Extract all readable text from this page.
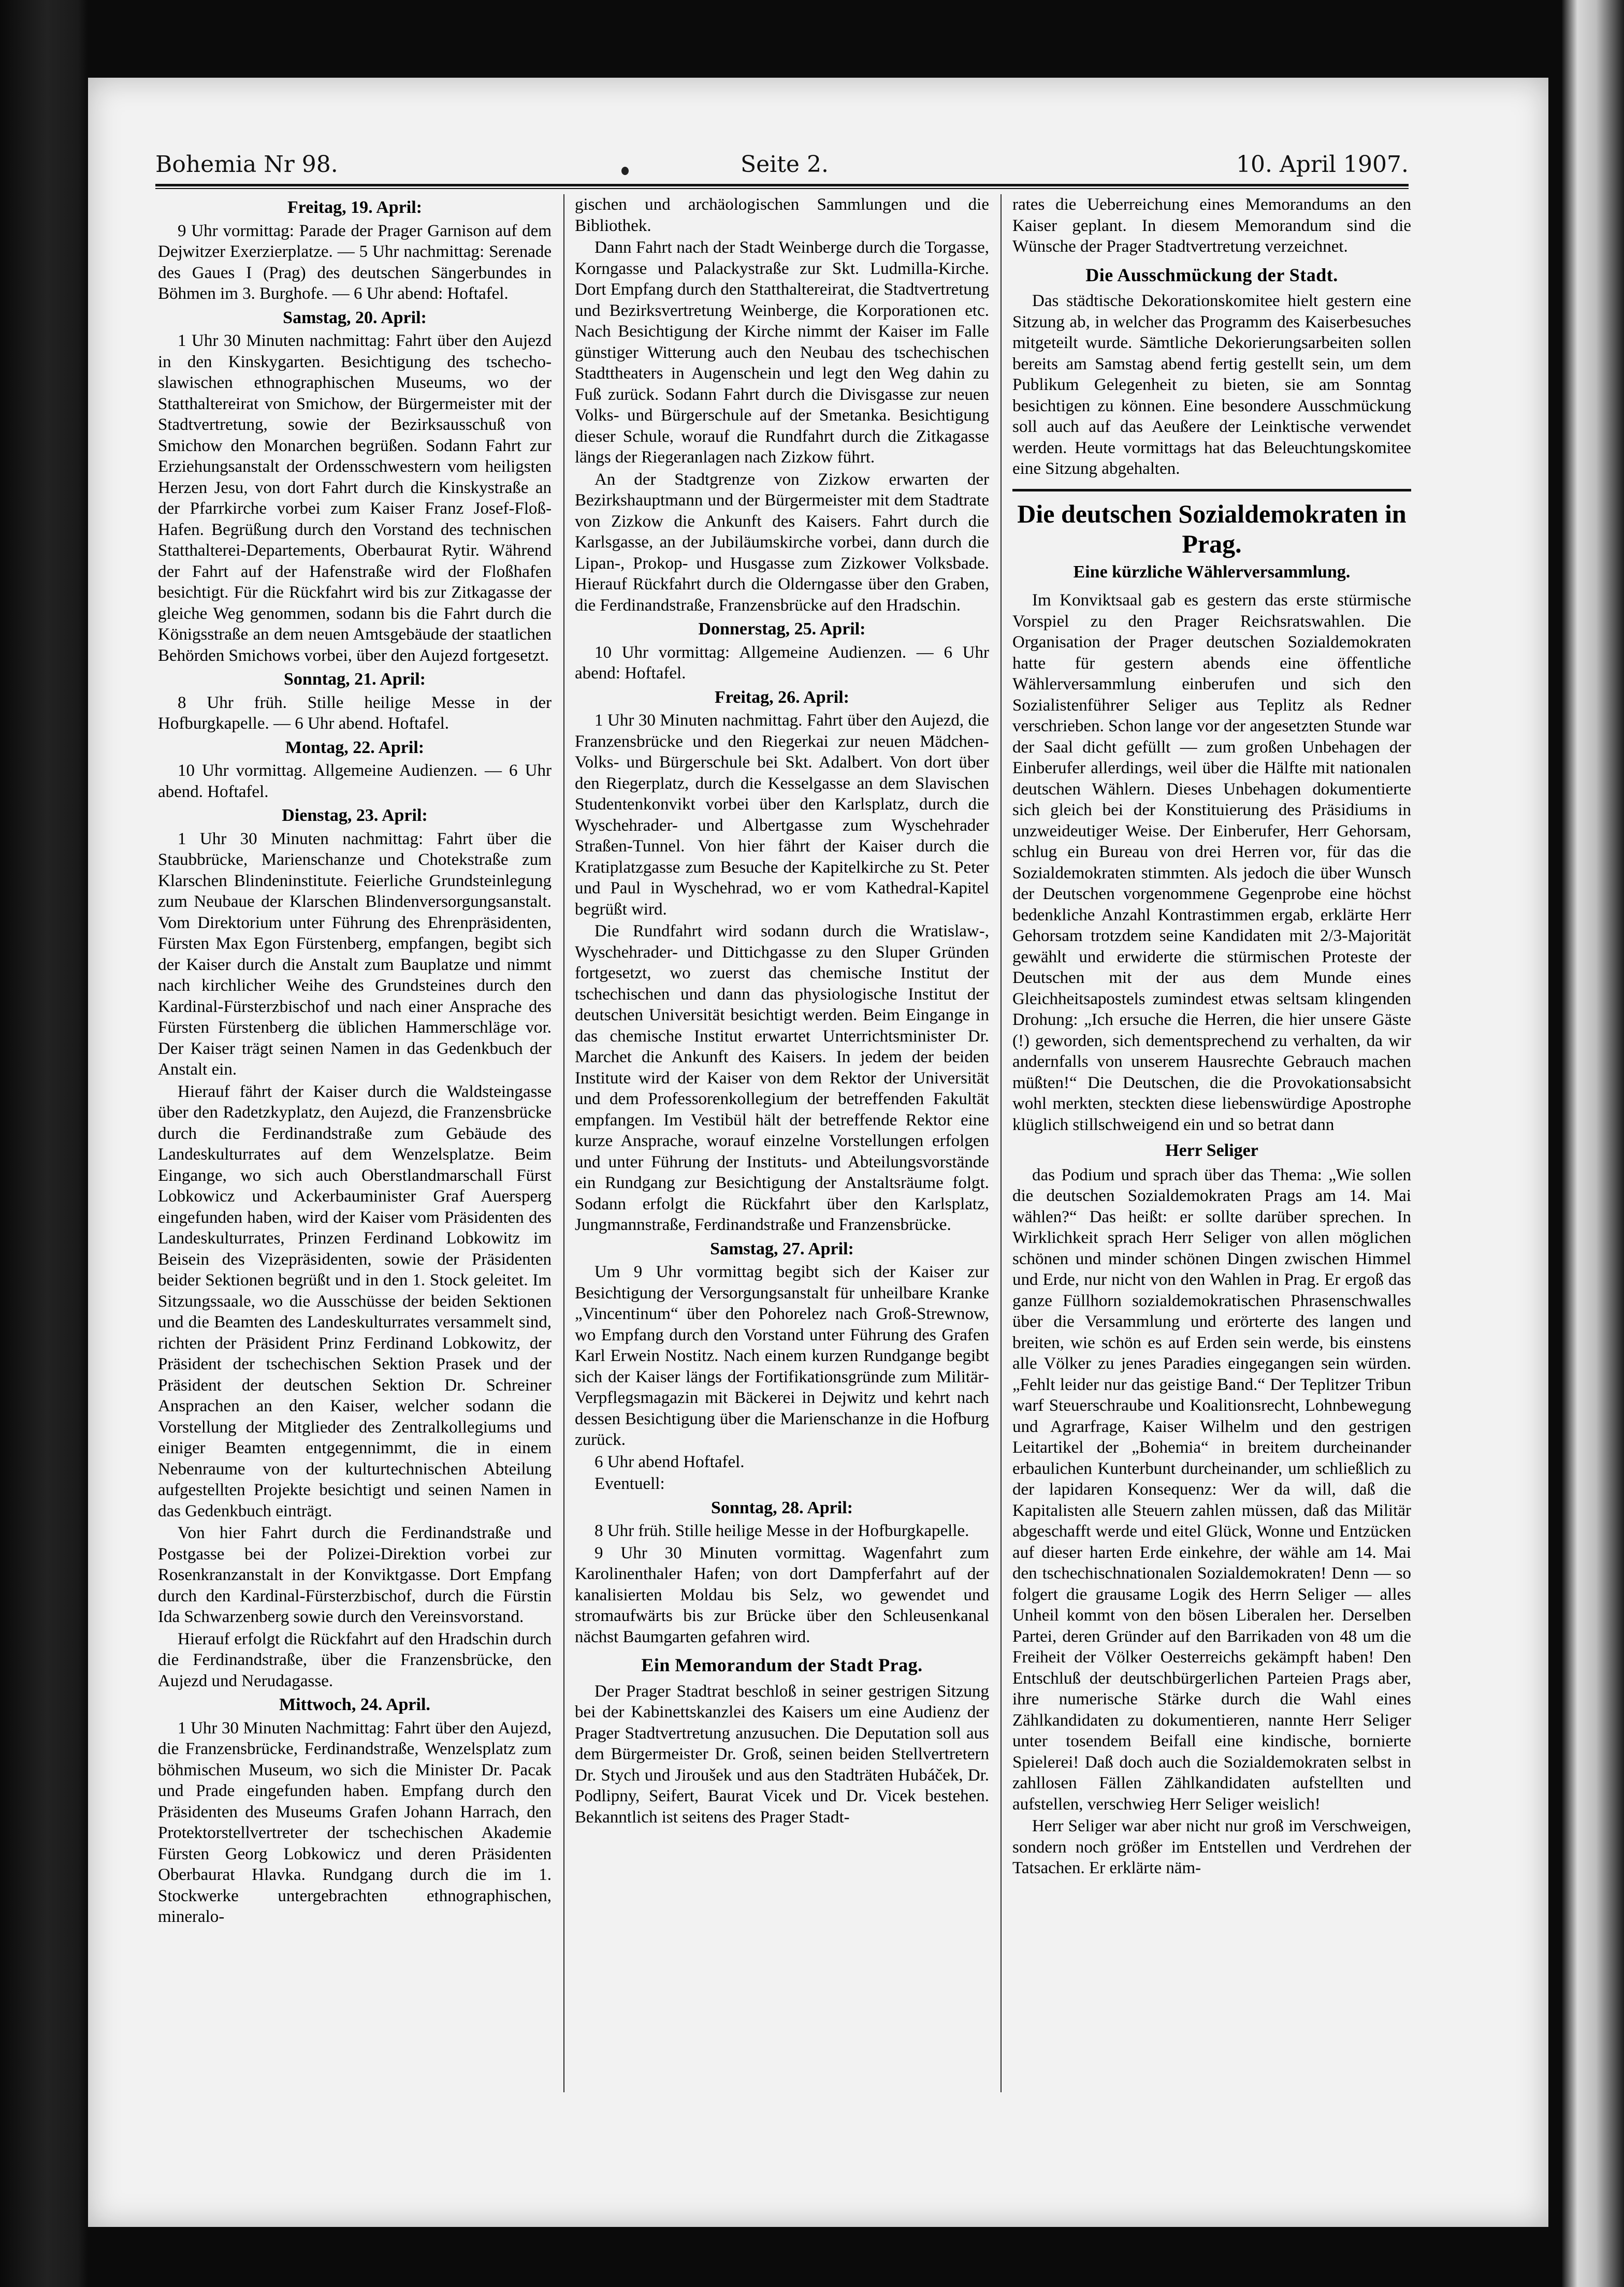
Bohemia Nr 98.	Seite 2.	10. April 1907.
Freitag, 19. April:

9 Uhr vormittag: Parade der Prager Garnison auf dem Dejwitzer Exerzierplatze. — 5 Uhr nachmittag: Serenade des Gaues I (Prag) des deutschen Sängerbundes in Böhmen im 3. Burghofe. — 6 Uhr abend: Hoftafel.

Samstag, 20. April:

1 Uhr 30 Minuten nachmittag: Fahrt über den Aujezd in den Kinskygarten. Besichtigung des tschecho-slawischen ethnographischen Museums, wo der Statthaltereirat von Smichow, der Bürgermeister mit der Stadtvertretung, sowie der Bezirksausschuß von Smichow den Monarchen begrüßen. Sodann Fahrt zur Erziehungsanstalt der Ordensschwestern vom heiligsten Herzen Jesu, von dort Fahrt durch die Kinskystraße an der Pfarrkirche vorbei zum Kaiser Franz Josef-Floß-Hafen. Begrüßung durch den Vorstand des technischen Statthalterei-Departements, Oberbaurat Rytir. Während der Fahrt auf der Hafenstraße wird der Floßhafen besichtigt. Für die Rückfahrt wird bis zur Zitkagasse der gleiche Weg genommen, sodann bis die Fahrt durch die Königsstraße an dem neuen Amtsgebäude der staatlichen Behörden Smichows vorbei, über den Aujezd fortgesetzt.

Sonntag, 21. April:

8 Uhr früh. Stille heilige Messe in der Hofburgkapelle. — 6 Uhr abend. Hoftafel.

Montag, 22. April:

10 Uhr vormittag. Allgemeine Audienzen. — 6 Uhr abend. Hoftafel.

Dienstag, 23. April:

1 Uhr 30 Minuten nachmittag: Fahrt über die Staubbrücke, Marienschanze und Chotekstraße zum Klarschen Blindeninstitute. Feierliche Grundsteinlegung zum Neubaue der Klarschen Blindenversorgungsanstalt. Vom Direktorium unter Führung des Ehrenpräsidenten, Fürsten Max Egon Fürstenberg, empfangen, begibt sich der Kaiser durch die Anstalt zum Bauplatze und nimmt nach kirchlicher Weihe des Grundsteines durch den Kardinal-Fürsterzbischof und nach einer Ansprache des Fürsten Fürstenberg die üblichen Hammerschläge vor. Der Kaiser trägt seinen Namen in das Gedenkbuch der Anstalt ein.

Hierauf fährt der Kaiser durch die Waldsteingasse über den Radetzkyplatz, den Aujezd, die Franzensbrücke durch die Ferdinandstraße zum Gebäude des Landeskulturrates auf dem Wenzelsplatze. Beim Eingange, wo sich auch Oberstlandmarschall Fürst Lobkowicz und Ackerbauminister Graf Auersperg eingefunden haben, wird der Kaiser vom Präsidenten des Landeskulturrates, Prinzen Ferdinand Lobkowitz im Beisein des Vizepräsidenten, sowie der Präsidenten beider Sektionen begrüßt und in den 1. Stock geleitet. Im Sitzungssaale, wo die Ausschüsse der beiden Sektionen und die Beamten des Landeskulturrates versammelt sind, richten der Präsident Prinz Ferdinand Lobkowitz, der Präsident der tschechischen Sektion Prasek und der Präsident der deutschen Sektion Dr. Schreiner Ansprachen an den Kaiser, welcher sodann die Vorstellung der Mitglieder des Zentralkollegiums und einiger Beamten entgegennimmt, die in einem Nebenraume von der kulturtechnischen Abteilung aufgestellten Projekte besichtigt und seinen Namen in das Gedenkbuch einträgt.

Von hier Fahrt durch die Ferdinandstraße und Postgasse bei der Polizei-Direktion vorbei zur Rosenkranzanstalt in der Konviktgasse. Dort Empfang durch den Kardinal-Fürsterzbischof, durch die Fürstin Ida Schwarzenberg sowie durch den Vereinsvorstand.

Hierauf erfolgt die Rückfahrt auf den Hradschin durch die Ferdinandstraße, über die Franzensbrücke, den Aujezd und Nerudagasse.

Mittwoch, 24. April.

1 Uhr 30 Minuten Nachmittag: Fahrt über den Aujezd, die Franzensbrücke, Ferdinandstraße, Wenzelsplatz zum böhmischen Museum, wo sich die Minister Dr. Pacak und Prade eingefunden haben. Empfang durch den Präsidenten des Museums Grafen Johann Harrach, den Protektorstellvertreter der tschechischen Akademie Fürsten Georg Lobkowicz und deren Präsidenten Oberbaurat Hlavka. Rundgang durch die im 1. Stockwerke untergebrachten ethnographischen, mineralo-

gischen und archäologischen Sammlungen und die Bibliothek.

Dann Fahrt nach der Stadt Weinberge durch die Torgasse, Korngasse und Palackystraße zur Skt. Ludmilla-Kirche. Dort Empfang durch den Statthaltereirat, die Stadtvertretung und Bezirksvertretung Weinberge, die Korporationen etc. Nach Besichtigung der Kirche nimmt der Kaiser im Falle günstiger Witterung auch den Neubau des tschechischen Stadttheaters in Augenschein und legt den Weg dahin zu Fuß zurück. Sodann Fahrt durch die Divisgasse zur neuen Volks- und Bürgerschule auf der Smetanka. Besichtigung dieser Schule, worauf die Rundfahrt durch die Zitkagasse längs der Riegeranlagen nach Zizkow führt.

An der Stadtgrenze von Zizkow erwarten der Bezirkshauptmann und der Bürgermeister mit dem Stadtrate von Zizkow die Ankunft des Kaisers. Fahrt durch die Karlsgasse, an der Jubiläumskirche vorbei, dann durch die Lipan-, Prokop- und Husgasse zum Zizkower Volksbade. Hierauf Rückfahrt durch die Olderngasse über den Graben, die Ferdinandstraße, Franzensbrücke auf den Hradschin.

Donnerstag, 25. April:

10 Uhr vormittag: Allgemeine Audienzen. — 6 Uhr abend: Hoftafel.

Freitag, 26. April:

1 Uhr 30 Minuten nachmittag. Fahrt über den Aujezd, die Franzensbrücke und den Riegerkai zur neuen Mädchen-Volks- und Bürgerschule bei Skt. Adalbert. Von dort über den Riegerplatz, durch die Kesselgasse an dem Slavischen Studentenkonvikt vorbei über den Karlsplatz, durch die Wyschehrader- und Albertgasse zum Wyschehrader Straßen-Tunnel. Von hier fährt der Kaiser durch die Kratiplatzgasse zum Besuche der Kapitelkirche zu St. Peter und Paul in Wyschehrad, wo er vom Kathedral-Kapitel begrüßt wird.

Die Rundfahrt wird sodann durch die Wratislaw-, Wyschehrader- und Dittichgasse zu den Sluper Gründen fortgesetzt, wo zuerst das chemische Institut der tschechischen und dann das physiologische Institut der deutschen Universität besichtigt werden. Beim Eingange in das chemische Institut erwartet Unterrichtsminister Dr. Marchet die Ankunft des Kaisers. In jedem der beiden Institute wird der Kaiser von dem Rektor der Universität und dem Professorenkollegium der betreffenden Fakultät empfangen. Im Vestibül hält der betreffende Rektor eine kurze Ansprache, worauf einzelne Vorstellungen erfolgen und unter Führung der Instituts- und Abteilungsvorstände ein Rundgang zur Besichtigung der Anstaltsräume folgt. Sodann erfolgt die Rückfahrt über den Karlsplatz, Jungmannstraße, Ferdinandstraße und Franzensbrücke.

Samstag, 27. April:

Um 9 Uhr vormittag begibt sich der Kaiser zur Besichtigung der Versorgungsanstalt für unheilbare Kranke „Vincentinum“ über den Pohorelez nach Groß-Strewnow, wo Empfang durch den Vorstand unter Führung des Grafen Karl Erwein Nostitz. Nach einem kurzen Rundgange begibt sich der Kaiser längs der Fortifikationsgründe zum Militär-Verpflegsmagazin mit Bäckerei in Dejwitz und kehrt nach dessen Besichtigung über die Marienschanze in die Hofburg zurück.

6 Uhr abend Hoftafel.

Eventuell:

Sonntag, 28. April:

8 Uhr früh. Stille heilige Messe in der Hofburgkapelle.

9 Uhr 30 Minuten vormittag. Wagenfahrt zum Karolinenthaler Hafen; von dort Dampferfahrt auf der kanalisierten Moldau bis Selz, wo gewendet und stromaufwärts bis zur Brücke über den Schleusenkanal nächst Baumgarten gefahren wird.

Ein Memorandum der Stadt Prag.

Der Prager Stadtrat beschloß in seiner gestrigen Sitzung bei der Kabinettskanzlei des Kaisers um eine Audienz der Prager Stadtvertretung anzusuchen. Die Deputation soll aus dem Bürgermeister Dr. Groß, seinen beiden Stellvertretern Dr. Stych und Jiroušek und aus den Stadträten Hubáček, Dr. Podlipny, Seifert, Baurat Vicek und Dr. Vicek bestehen. Bekanntlich ist seitens des Prager Stadt-

rates die Ueberreichung eines Memorandums an den Kaiser geplant. In diesem Memorandum sind die Wünsche der Prager Stadtvertretung verzeichnet.

Die Ausschmückung der Stadt.

Das städtische Dekorationskomitee hielt gestern eine Sitzung ab, in welcher das Programm des Kaiserbesuches mitgeteilt wurde. Sämtliche Dekorierungsarbeiten sollen bereits am Samstag abend fertig gestellt sein, um dem Publikum Gelegenheit zu bieten, sie am Sonntag besichtigen zu können. Eine besondere Ausschmückung soll auch auf das Aeußere der Leinktische verwendet werden. Heute vormittags hat das Beleuchtungskomitee eine Sitzung abgehalten.

Die deutschen Sozialdemokraten in Prag.
Eine kürzliche Wählerversammlung.

Im Konviktsaal gab es gestern das erste stürmische Vorspiel zu den Prager Reichsratswahlen. Die Organisation der Prager deutschen Sozialdemokraten hatte für gestern abends eine öffentliche Wählerversammlung einberufen und sich den Sozialistenführer Seliger aus Teplitz als Redner verschrieben. Schon lange vor der angesetzten Stunde war der Saal dicht gefüllt — zum großen Unbehagen der Einberufer allerdings, weil über die Hälfte mit nationalen deutschen Wählern. Dieses Unbehagen dokumentierte sich gleich bei der Konstituierung des Präsidiums in unzweideutiger Weise. Der Einberufer, Herr Gehorsam, schlug ein Bureau von drei Herren vor, für das die Sozialdemokraten stimmten. Als jedoch die über Wunsch der Deutschen vorgenommene Gegenprobe eine höchst bedenkliche Anzahl Kontrastimmen ergab, erklärte Herr Gehorsam trotzdem seine Kandidaten mit 2/3-Majorität gewählt und erwiderte die stürmischen Proteste der Deutschen mit der aus dem Munde eines Gleichheitsapostels zumindest etwas seltsam klingenden Drohung: „Ich ersuche die Herren, die hier unsere Gäste (!) geworden, sich dementsprechend zu verhalten, da wir andernfalls von unserem Hausrechte Gebrauch machen müßten!“ Die Deutschen, die die Provokationsabsicht wohl merkten, steckten diese liebenswürdige Apostrophe klüglich stillschweigend ein und so betrat dann

Herr Seliger

das Podium und sprach über das Thema: „Wie sollen die deutschen Sozialdemokraten Prags am 14. Mai wählen?“ Das heißt: er sollte darüber sprechen. In Wirklichkeit sprach Herr Seliger von allen möglichen schönen und minder schönen Dingen zwischen Himmel und Erde, nur nicht von den Wahlen in Prag. Er ergoß das ganze Füllhorn sozialdemokratischen Phrasenschwalles über die Versammlung und erörterte des langen und breiten, wie schön es auf Erden sein werde, bis einstens alle Völker zu jenes Paradies eingegangen sein würden. „Fehlt leider nur das geistige Band.“ Der Teplitzer Tribun warf Steuerschraube und Koalitionsrecht, Lohnbewegung und Agrarfrage, Kaiser Wilhelm und den gestrigen Leitartikel der „Bohemia“ in breitem durcheinander erbaulichen Kunterbunt durcheinander, um schließlich zu der lapidaren Konsequenz: Wer da will, daß die Kapitalisten alle Steuern zahlen müssen, daß das Militär abgeschafft werde und eitel Glück, Wonne und Entzücken auf dieser harten Erde einkehre, der wähle am 14. Mai den tschechischnationalen Sozialdemokraten! Denn — so folgert die grausame Logik des Herrn Seliger — alles Unheil kommt von den bösen Liberalen her. Derselben Partei, deren Gründer auf den Barrikaden von 48 um die Freiheit der Völker Oesterreichs gekämpft haben! Den Entschluß der deutschbürgerlichen Parteien Prags aber, ihre numerische Stärke durch die Wahl eines Zählkandidaten zu dokumentieren, nannte Herr Seliger unter tosendem Beifall eine kindische, bornierte Spielerei! Daß doch auch die Sozialdemokraten selbst in zahllosen Fällen Zählkandidaten aufstellten und aufstellen, verschwieg Herr Seliger weislich!

Herr Seliger war aber nicht nur groß im Verschweigen, sondern noch größer im Entstellen und Verdrehen der Tatsachen. Er erklärte näm-
